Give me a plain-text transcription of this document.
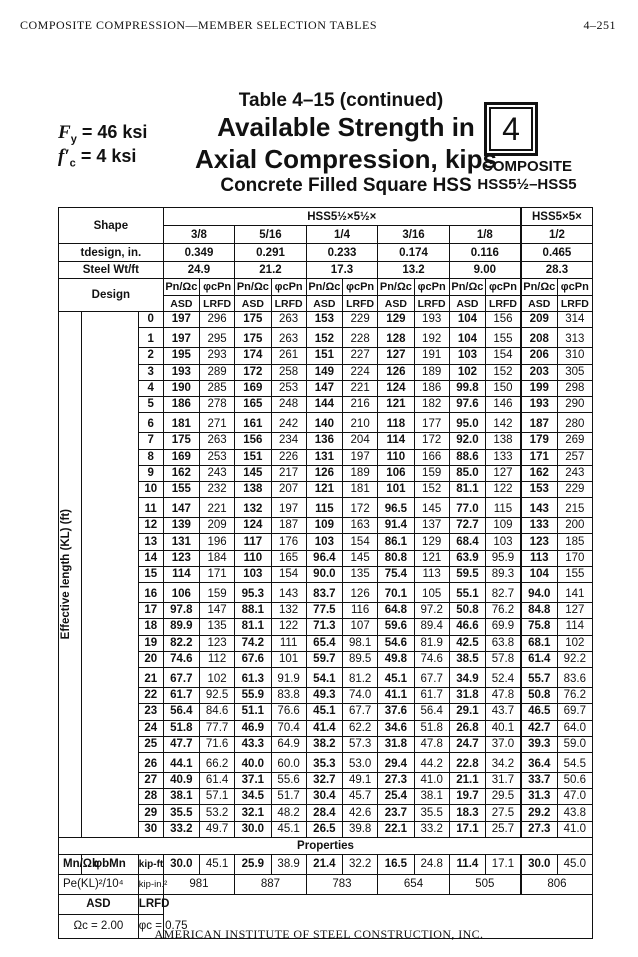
COMPOSITE COMPRESSION—MEMBER SELECTION TABLES	4–251
$F_y = 46$ ksi
$f'_c = 4$ ksi
Table 4–15 (continued)
Available Strength in
Axial Compression, kips
Concrete Filled Square HSS
4
COMPOSITE
HSS5½–HSS5
Shape			HSS5½×5½×										HSS5×5×	
			3/8		5/16		1/4		3/16		1/8		1/2	
tdesign, in.			0.349		0.291		0.233		0.174		0.116		0.465	
Steel Wt/ft			24.9		21.2		17.3		13.2		9.00		28.3	
Design			Pn/Ωc	φcPn	Pn/Ωc	φcPn	Pn/Ωc	φcPn	Pn/Ωc	φcPn	Pn/Ωc	φcPn	Pn/Ωc	φcPn
			ASD	LRFD	ASD	LRFD	ASD	LRFD	ASD	LRFD	ASD	LRFD	ASD	LRFD

Effective length (KL) (ft)		0	197	296	175	263	153	229	129	193	104	156	209	314
		1	197	295	175	263	152	228	128	192	104	155	208	313
		2	195	293	174	261	151	227	127	191	103	154	206	310
		3	193	289	172	258	149	224	126	189	102	152	203	305
		4	190	285	169	253	147	221	124	186	99.8	150	199	298
		5	186	278	165	248	144	216	121	182	97.6	146	193	290
		6	181	271	161	242	140	210	118	177	95.0	142	187	280
		7	175	263	156	234	136	204	114	172	92.0	138	179	269
		8	169	253	151	226	131	197	110	166	88.6	133	171	257
		9	162	243	145	217	126	189	106	159	85.0	127	162	243
		10	155	232	138	207	121	181	101	152	81.1	122	153	229
		11	147	221	132	197	115	172	96.5	145	77.0	115	143	215
		12	139	209	124	187	109	163	91.4	137	72.7	109	133	200
		13	131	196	117	176	103	154	86.1	129	68.4	103	123	185
		14	123	184	110	165	96.4	145	80.8	121	63.9	95.9	113	170
		15	114	171	103	154	90.0	135	75.4	113	59.5	89.3	104	155
		16	106	159	95.3	143	83.7	126	70.1	105	55.1	82.7	94.0	141
		17	97.8	147	88.1	132	77.5	116	64.8	97.2	50.8	76.2	84.8	127
		18	89.9	135	81.1	122	71.3	107	59.6	89.4	46.6	69.9	75.8	114
		19	82.2	123	74.2	111	65.4	98.1	54.6	81.9	42.5	63.8	68.1	102
		20	74.6	112	67.6	101	59.7	89.5	49.8	74.6	38.5	57.8	61.4	92.2
		21	67.7	102	61.3	91.9	54.1	81.2	45.1	67.7	34.9	52.4	55.7	83.6
		22	61.7	92.5	55.9	83.8	49.3	74.0	41.1	61.7	31.8	47.8	50.8	76.2
		23	56.4	84.6	51.1	76.6	45.1	67.7	37.6	56.4	29.1	43.7	46.5	69.7
		24	51.8	77.7	46.9	70.4	41.4	62.2	34.6	51.8	26.8	40.1	42.7	64.0
		25	47.7	71.6	43.3	64.9	38.2	57.3	31.8	47.8	24.7	37.0	39.3	59.0
		26	44.1	66.2	40.0	60.0	35.3	53.0	29.4	44.2	22.8	34.2	36.4	54.5
		27	40.9	61.4	37.1	55.6	32.7	49.1	27.3	41.0	21.1	31.7	33.7	50.6
		28	38.1	57.1	34.5	51.7	30.4	45.7	25.4	38.1	19.7	29.5	31.3	47.0
		29	35.5	53.2	32.1	48.2	28.4	42.6	23.7	35.5	18.3	27.5	29.2	43.8
		30	33.2	49.7	30.0	45.1	26.5	39.8	22.1	33.2	17.1	25.7	27.3	41.0
Properties														
Mn/Ωb	φbMn	kip-ft	30.0	45.1	25.9	38.9	21.4	32.2	16.5	24.8	11.4	17.1	30.0	45.0
Pe(KL)²/10⁴		kip-in.²	981		887		783		654		505		806	
ASD		LRFD												
Ωc = 2.00		φc = 0.75												
AMERICAN INSTITUTE OF STEEL CONSTRUCTION, INC.
